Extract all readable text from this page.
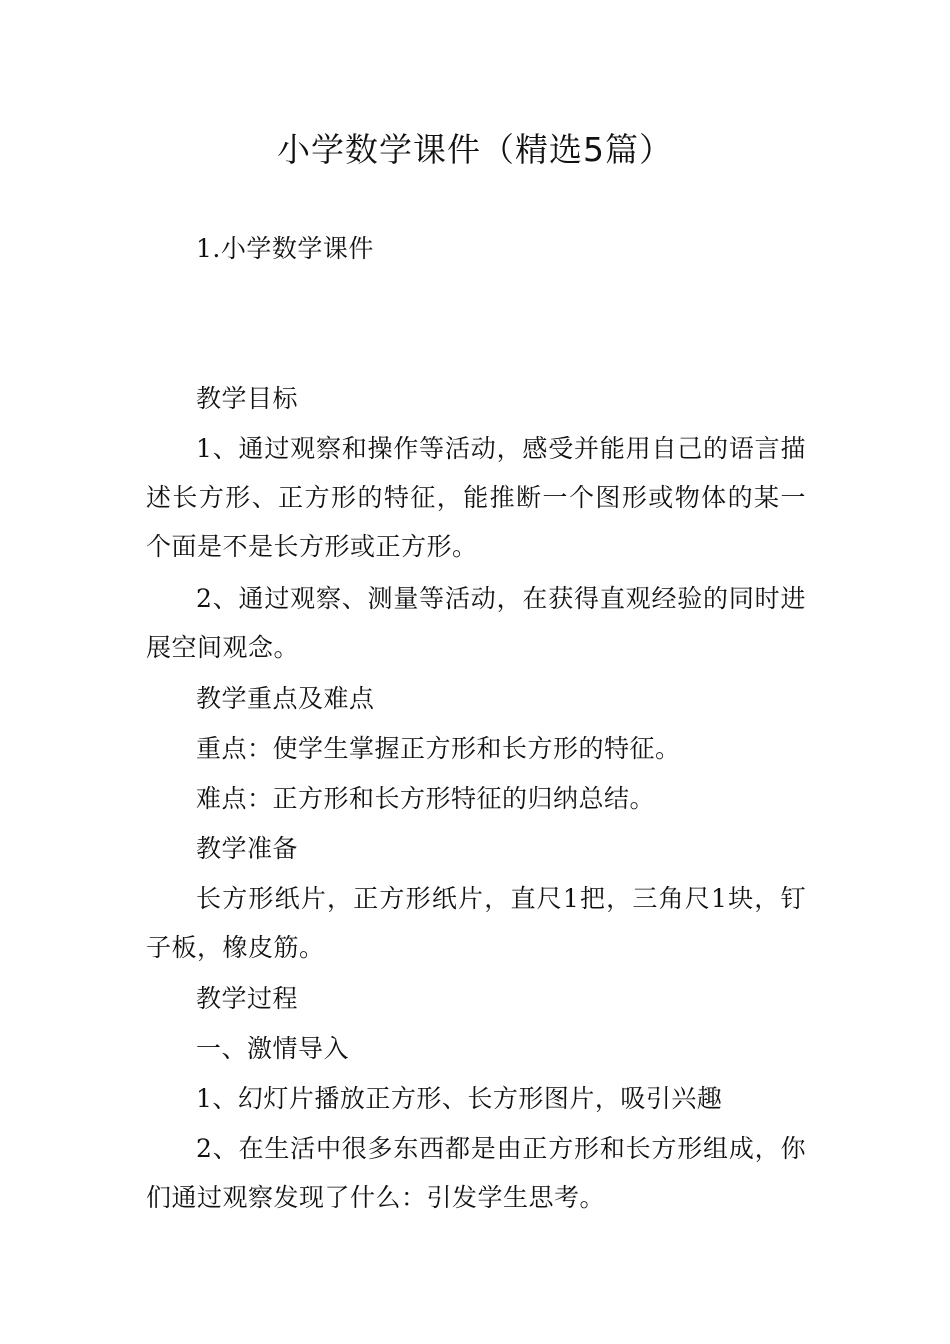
小学数学课件（精选5篇）

1.小学数学课件

教学目标

1、通过观察和操作等活动，感受并能用自己的语言描述长方形、正方形的特征，能推断一个图形或物体的某一个面是不是长方形或正方形。

2、通过观察、测量等活动，在获得直观经验的同时进展空间观念。

教学重点及难点

重点：使学生掌握正方形和长方形的特征。

难点：正方形和长方形特征的归纳总结。

教学准备

长方形纸片，正方形纸片，直尺1把，三角尺1块，钉子板，橡皮筋。

教学过程

一、激情导入

1、幻灯片播放正方形、长方形图片，吸引兴趣

2、在生活中很多东西都是由正方形和长方形组成，你们通过观察发现了什么：引发学生思考。
